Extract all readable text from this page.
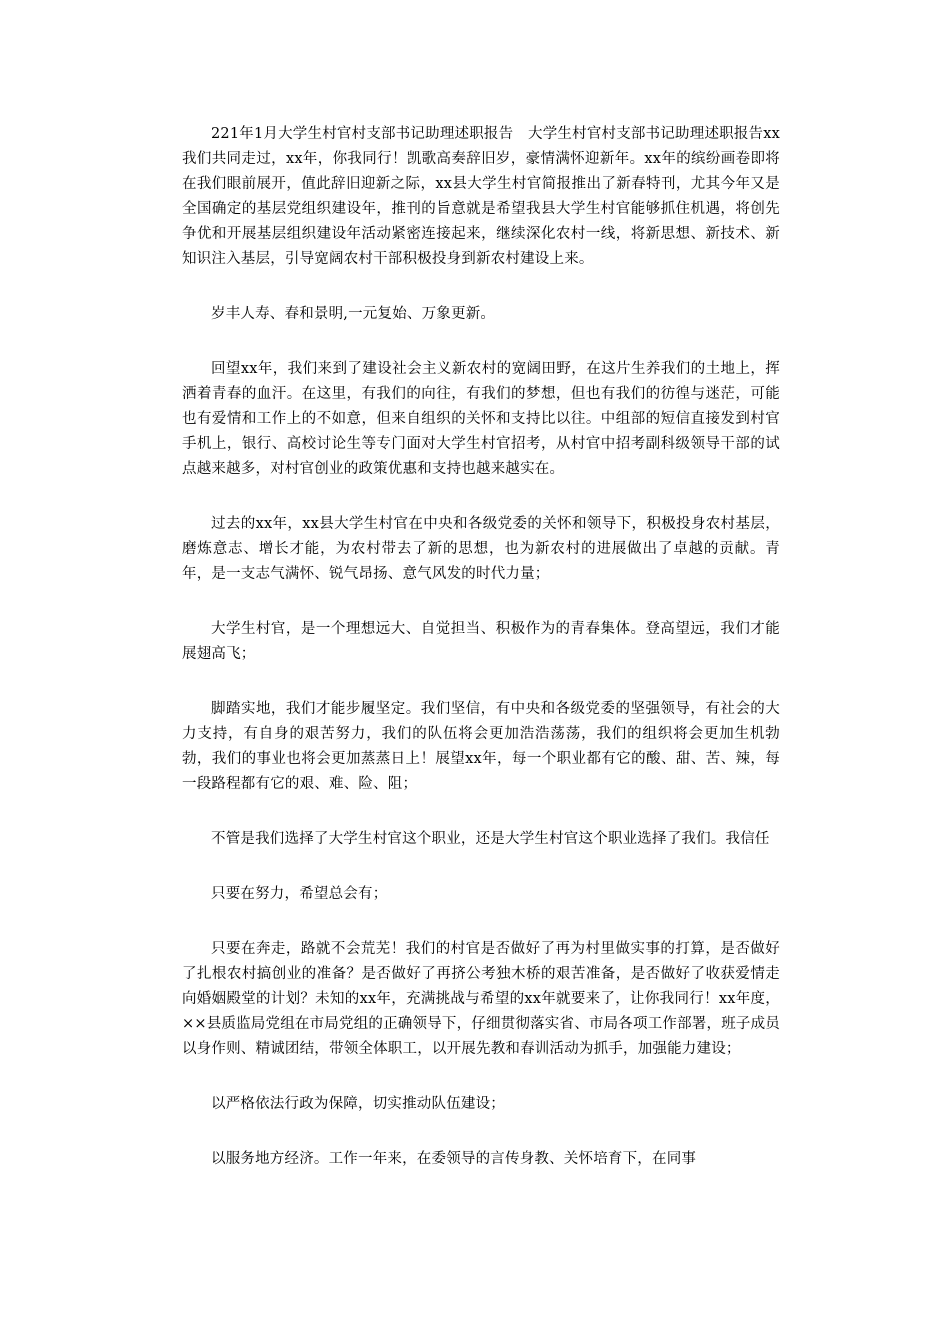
221年1月大学生村官村支部书记助理述职报告　大学生村官村支部书记助理述职报告xx我们共同走过，xx年，你我同行！凯歌高奏辞旧岁，豪情满怀迎新年。xx年的缤纷画卷即将在我们眼前展开，值此辞旧迎新之际，xx县大学生村官简报推出了新春特刊，尤其今年又是全国确定的基层党组织建设年，推刊的旨意就是希望我县大学生村官能够抓住机遇，将创先争优和开展基层组织建设年活动紧密连接起来，继续深化农村一线，将新思想、新技术、新知识注入基层，引导宽阔农村干部积极投身到新农村建设上来。

岁丰人寿、春和景明,一元复始、万象更新。

回望xx年，我们来到了建设社会主义新农村的宽阔田野，在这片生养我们的土地上，挥洒着青春的血汗。在这里，有我们的向往，有我们的梦想，但也有我们的彷徨与迷茫，可能也有爱情和工作上的不如意，但来自组织的关怀和支持比以往。中组部的短信直接发到村官手机上，银行、高校讨论生等专门面对大学生村官招考，从村官中招考副科级领导干部的试点越来越多，对村官创业的政策优惠和支持也越来越实在。

过去的xx年，xx县大学生村官在中央和各级党委的关怀和领导下，积极投身农村基层，磨炼意志、增长才能，为农村带去了新的思想，也为新农村的进展做出了卓越的贡献。青年，是一支志气满怀、锐气昂扬、意气风发的时代力量；

大学生村官，是一个理想远大、自觉担当、积极作为的青春集体。登高望远，我们才能展翅高飞；

脚踏实地，我们才能步履坚定。我们坚信，有中央和各级党委的坚强领导，有社会的大力支持，有自身的艰苦努力，我们的队伍将会更加浩浩荡荡，我们的组织将会更加生机勃勃，我们的事业也将会更加蒸蒸日上！展望xx年，每一个职业都有它的酸、甜、苦、辣，每一段路程都有它的艰、难、险、阻；

不管是我们选择了大学生村官这个职业，还是大学生村官这个职业选择了我们。我信任

只要在努力，希望总会有；

只要在奔走，路就不会荒芜！我们的村官是否做好了再为村里做实事的打算，是否做好了扎根农村搞创业的准备？是否做好了再挤公考独木桥的艰苦准备，是否做好了收获爱情走向婚姻殿堂的计划？未知的xx年，充满挑战与希望的xx年就要来了，让你我同行！xx年度，××县质监局党组在市局党组的正确领导下，仔细贯彻落实省、市局各项工作部署，班子成员以身作则、精诚团结，带领全体职工，以开展先教和春训活动为抓手，加强能力建设；

以严格依法行政为保障，切实推动队伍建设；

以服务地方经济。工作一年来，在委领导的言传身教、关怀培育下，在同事
